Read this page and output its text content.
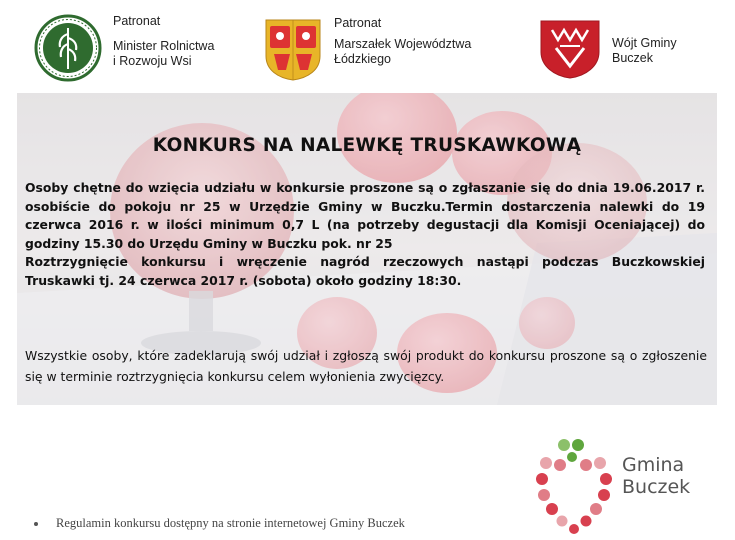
Patronat
Minister Rolnictwa
i Rozwoju Wsi
Patronat
Marszałek Województwa
Łódzkiego
Wójt Gminy
Buczek
KONKURS NA NALEWKĘ TRUSKAWKOWĄ

Osoby chętne do wzięcia udziału w konkursie proszone są o zgłaszanie się do dnia 19.06.2017 r. osobiście do pokoju nr 25 w Urzędzie Gminy w Buczku.Termin dostarczenia nalewki do 19 czerwca 2016 r. w ilości minimum 0,7 L (na potrzeby degustacji dla Komisji Oceniającej) do godziny 15.30 do Urzędu Gminy w Buczku pok. nr 25

Roztrzygnięcie konkursu i wręczenie nagród rzeczowych nastąpi podczas Buczkowskiej Truskawki tj. 24 czerwca 2017 r. (sobota) około godziny 18:30.

Wszystkie osoby, które zadeklarują swój udział i zgłoszą swój produkt do konkursu proszone są o zgłoszenie się w terminie roztrzygnięcia konkursu celem wyłonienia zwycięzcy.
Gmina
Buczek
Regulamin konkursu dostępny na stronie internetowej Gminy Buczek
